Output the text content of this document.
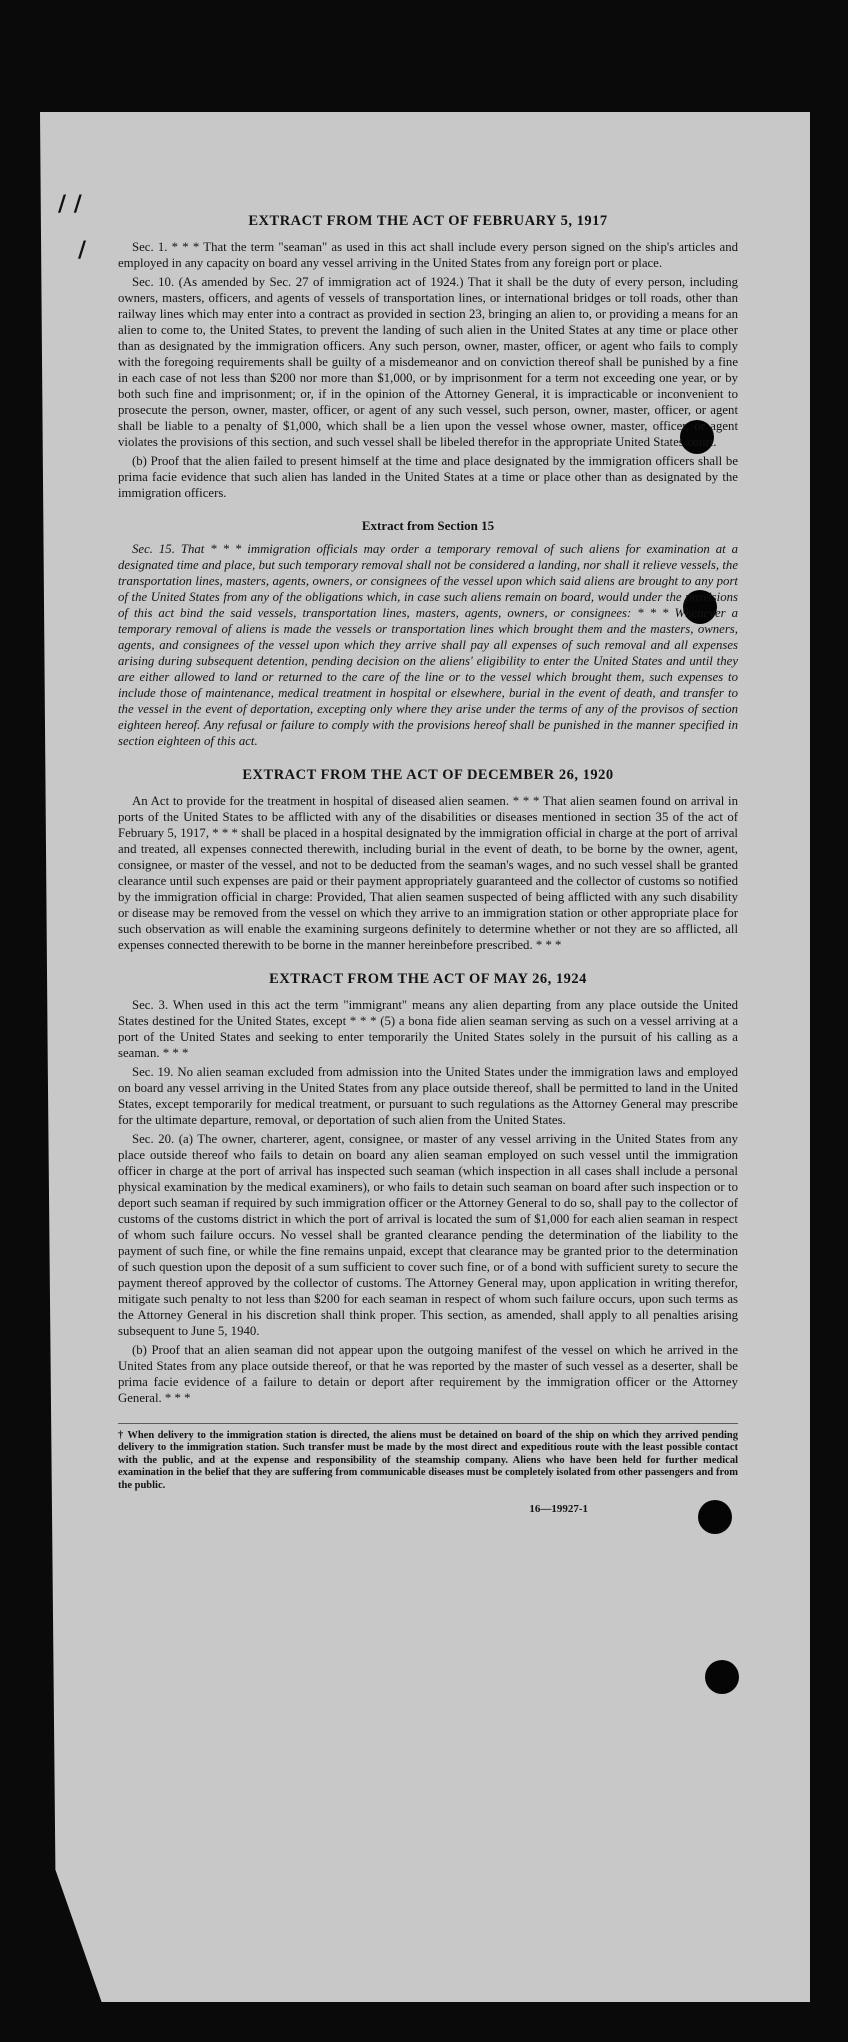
/ /
/
EXTRACT FROM THE ACT OF FEBRUARY 5, 1917

Sec. 1. * * * That the term "seaman" as used in this act shall include every person signed on the ship's articles and employed in any capacity on board any vessel arriving in the United States from any foreign port or place.

Sec. 10. (As amended by Sec. 27 of immigration act of 1924.) That it shall be the duty of every person, including owners, masters, officers, and agents of vessels of transportation lines, or international bridges or toll roads, other than railway lines which may enter into a contract as provided in section 23, bringing an alien to, or providing a means for an alien to come to, the United States, to prevent the landing of such alien in the United States at any time or place other than as designated by the immigration officers. Any such person, owner, master, officer, or agent who fails to comply with the foregoing requirements shall be guilty of a misdemeanor and on conviction thereof shall be punished by a fine in each case of not less than $200 nor more than $1,000, or by imprisonment for a term not exceeding one year, or by both such fine and imprisonment; or, if in the opinion of the Attorney General, it is impracticable or inconvenient to prosecute the person, owner, master, officer, or agent of any such vessel, such person, owner, master, officer, or agent shall be liable to a penalty of $1,000, which shall be a lien upon the vessel whose owner, master, officer, or agent violates the provisions of this section, and such vessel shall be libeled therefor in the appropriate United States court.

(b) Proof that the alien failed to present himself at the time and place designated by the immigration officers shall be prima facie evidence that such alien has landed in the United States at a time or place other than as designated by the immigration officers.

Extract from Section 15

Sec. 15. That * * * immigration officials may order a temporary removal of such aliens for examination at a designated time and place, but such temporary removal shall not be considered a landing, nor shall it relieve vessels, the transportation lines, masters, agents, owners, or consignees of the vessel upon which said aliens are brought to any port of the United States from any of the obligations which, in case such aliens remain on board, would under the provisions of this act bind the said vessels, transportation lines, masters, agents, owners, or consignees: * * * Whenever a temporary removal of aliens is made the vessels or transportation lines which brought them and the masters, owners, agents, and consignees of the vessel upon which they arrive shall pay all expenses of such removal and all expenses arising during subsequent detention, pending decision on the aliens' eligibility to enter the United States and until they are either allowed to land or returned to the care of the line or to the vessel which brought them, such expenses to include those of maintenance, medical treatment in hospital or elsewhere, burial in the event of death, and transfer to the vessel in the event of deportation, excepting only where they arise under the terms of any of the provisos of section eighteen hereof. Any refusal or failure to comply with the provisions hereof shall be punished in the manner specified in section eighteen of this act.

EXTRACT FROM THE ACT OF DECEMBER 26, 1920

An Act to provide for the treatment in hospital of diseased alien seamen. * * * That alien seamen found on arrival in ports of the United States to be afflicted with any of the disabilities or diseases mentioned in section 35 of the act of February 5, 1917, * * * shall be placed in a hospital designated by the immigration official in charge at the port of arrival and treated, all expenses connected therewith, including burial in the event of death, to be borne by the owner, agent, consignee, or master of the vessel, and not to be deducted from the seaman's wages, and no such vessel shall be granted clearance until such expenses are paid or their payment appropriately guaranteed and the collector of customs so notified by the immigration official in charge: Provided, That alien seamen suspected of being afflicted with any such disability or disease may be removed from the vessel on which they arrive to an immigration station or other appropriate place for such observation as will enable the examining surgeons definitely to determine whether or not they are so afflicted, all expenses connected therewith to be borne in the manner hereinbefore prescribed. * * *

EXTRACT FROM THE ACT OF MAY 26, 1924

Sec. 3. When used in this act the term "immigrant" means any alien departing from any place outside the United States destined for the United States, except * * * (5) a bona fide alien seaman serving as such on a vessel arriving at a port of the United States and seeking to enter temporarily the United States solely in the pursuit of his calling as a seaman. * * *

Sec. 19. No alien seaman excluded from admission into the United States under the immigration laws and employed on board any vessel arriving in the United States from any place outside thereof, shall be permitted to land in the United States, except temporarily for medical treatment, or pursuant to such regulations as the Attorney General may prescribe for the ultimate departure, removal, or deportation of such alien from the United States.

Sec. 20. (a) The owner, charterer, agent, consignee, or master of any vessel arriving in the United States from any place outside thereof who fails to detain on board any alien seaman employed on such vessel until the immigration officer in charge at the port of arrival has inspected such seaman (which inspection in all cases shall include a personal physical examination by the medical examiners), or who fails to detain such seaman on board after such inspection or to deport such seaman if required by such immigration officer or the Attorney General to do so, shall pay to the collector of customs of the customs district in which the port of arrival is located the sum of $1,000 for each alien seaman in respect of whom such failure occurs. No vessel shall be granted clearance pending the determination of the liability to the payment of such fine, or while the fine remains unpaid, except that clearance may be granted prior to the determination of such question upon the deposit of a sum sufficient to cover such fine, or of a bond with sufficient surety to secure the payment thereof approved by the collector of customs. The Attorney General may, upon application in writing therefor, mitigate such penalty to not less than $200 for each seaman in respect of whom such failure occurs, upon such terms as the Attorney General in his discretion shall think proper. This section, as amended, shall apply to all penalties arising subsequent to June 5, 1940.

(b) Proof that an alien seaman did not appear upon the outgoing manifest of the vessel on which he arrived in the United States from any place outside thereof, or that he was reported by the master of such vessel as a deserter, shall be prima facie evidence of a failure to detain or deport after requirement by the immigration officer or the Attorney General. * * *

† When delivery to the immigration station is directed, the aliens must be detained on board of the ship on which they arrived pending delivery to the immigration station. Such transfer must be made by the most direct and expeditious route with the least possible contact with the public, and at the expense and responsibility of the steamship company. Aliens who have been held for further medical examination in the belief that they are suffering from communicable diseases must be completely isolated from other passengers and from the public.
16—19927-1
